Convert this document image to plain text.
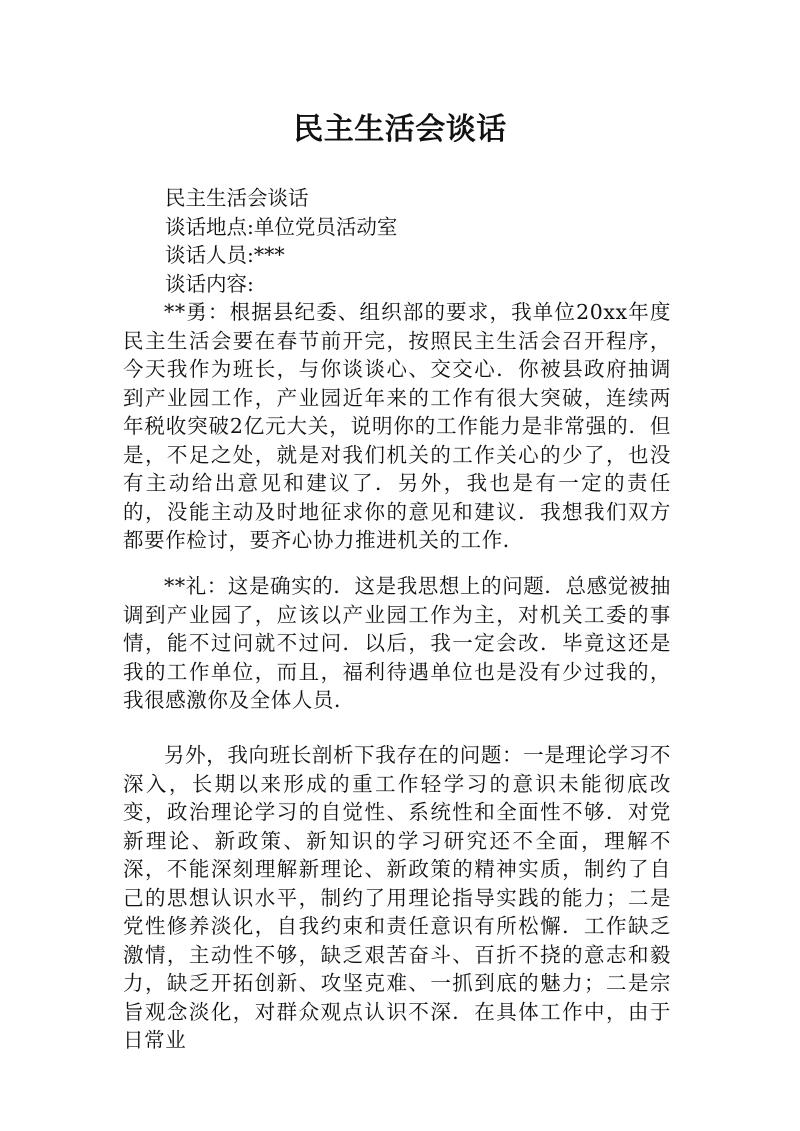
民主生活会谈话
民主生活会谈话
谈话地点:单位党员活动室
谈话人员:***
谈话内容:

**勇：根据县纪委、组织部的要求，我单位20xx年度民主生活会要在春节前开完，按照民主生活会召开程序，今天我作为班长，与你谈谈心、交交心．你被县政府抽调到产业园工作，产业园近年来的工作有很大突破，连续两年税收突破2亿元大关，说明你的工作能力是非常强的．但是，不足之处，就是对我们机关的工作关心的少了，也没有主动给出意见和建议了．另外，我也是有一定的责任的，没能主动及时地征求你的意见和建议．我想我们双方都要作检讨，要齐心协力推进机关的工作．

**礼：这是确实的．这是我思想上的问题．总感觉被抽调到产业园了，应该以产业园工作为主，对机关工委的事情，能不过问就不过问．以后，我一定会改．毕竟这还是我的工作单位，而且，福利待遇单位也是没有少过我的，我很感激你及全体人员．

另外，我向班长剖析下我存在的问题：一是理论学习不深入，长期以来形成的重工作轻学习的意识未能彻底改变，政治理论学习的自觉性、系统性和全面性不够．对党新理论、新政策、新知识的学习研究还不全面，理解不深，不能深刻理解新理论、新政策的精神实质，制约了自己的思想认识水平，制约了用理论指导实践的能力；二是党性修养淡化，自我约束和责任意识有所松懈．工作缺乏激情，主动性不够，缺乏艰苦奋斗、百折不挠的意志和毅力，缺乏开拓创新、攻坚克难、一抓到底的魅力；二是宗旨观念淡化，对群众观点认识不深．在具体工作中，由于日常业
